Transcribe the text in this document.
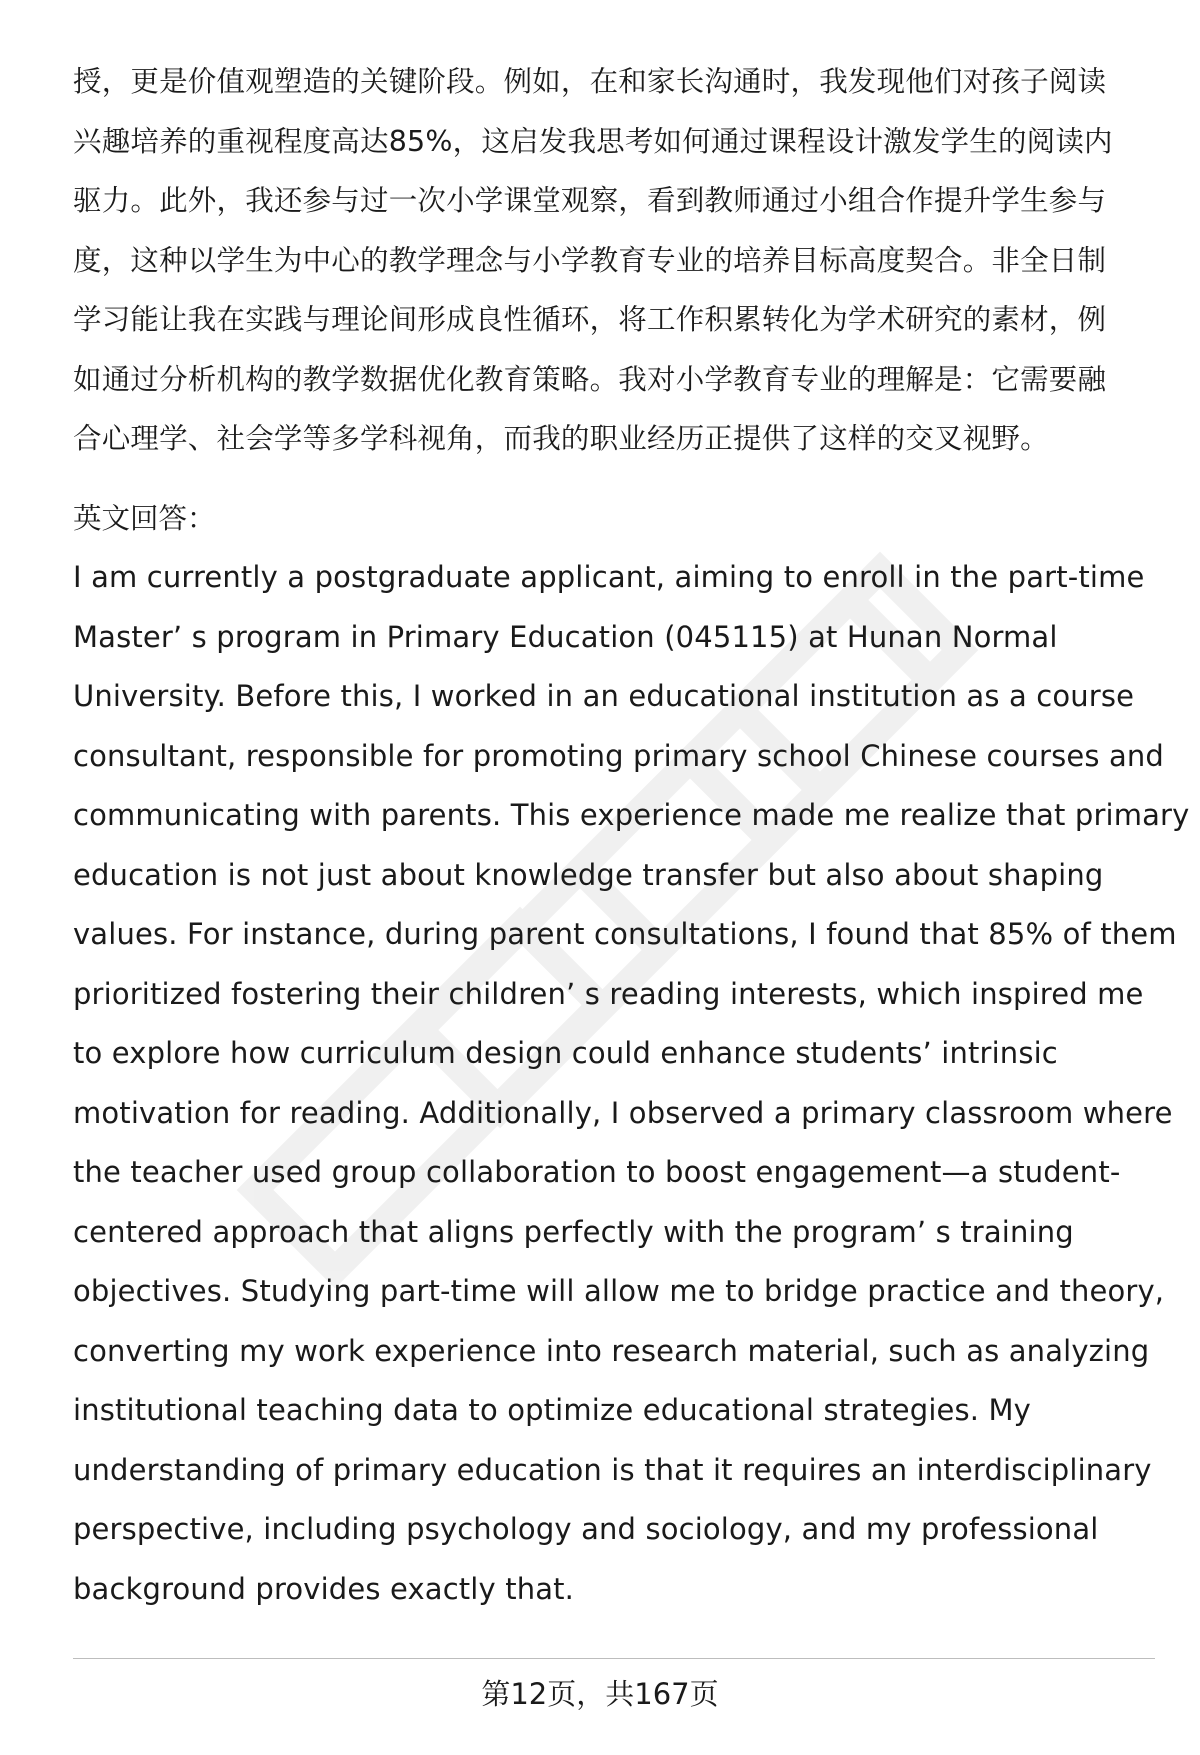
授，更是价值观塑造的关键阶段。例如，在和家长沟通时，我发现他们对孩子阅读
兴趣培养的重视程度高达85%，这启发我思考如何通过课程设计激发学生的阅读内
驱力。此外，我还参与过一次小学课堂观察，看到教师通过小组合作提升学生参与
度，这种以学生为中心的教学理念与小学教育专业的培养目标高度契合。非全日制
学习能让我在实践与理论间形成良性循环，将工作积累转化为学术研究的素材，例
如通过分析机构的教学数据优化教育策略。我对小学教育专业的理解是：它需要融
合心理学、社会学等多学科视角，而我的职业经历正提供了这样的交叉视野。
英文回答：
I am currently a postgraduate applicant, aiming to enroll in the part-time
Master’ s program in Primary Education (045115) at Hunan Normal
University. Before this, I worked in an educational institution as a course
consultant, responsible for promoting primary school Chinese courses and
communicating with parents. This experience made me realize that primary
education is not just about knowledge transfer but also about shaping
values. For instance, during parent consultations, I found that 85% of them
prioritized fostering their children’ s reading interests, which inspired me
to explore how curriculum design could enhance students’ intrinsic
motivation for reading. Additionally, I observed a primary classroom where
the teacher used group collaboration to boost engagement—a student-
centered approach that aligns perfectly with the program’ s training
objectives. Studying part-time will allow me to bridge practice and theory,
converting my work experience into research material, such as analyzing
institutional teaching data to optimize educational strategies. My
understanding of primary education is that it requires an interdisciplinary
perspective, including psychology and sociology, and my professional
background provides exactly that.
第12页，共167页
